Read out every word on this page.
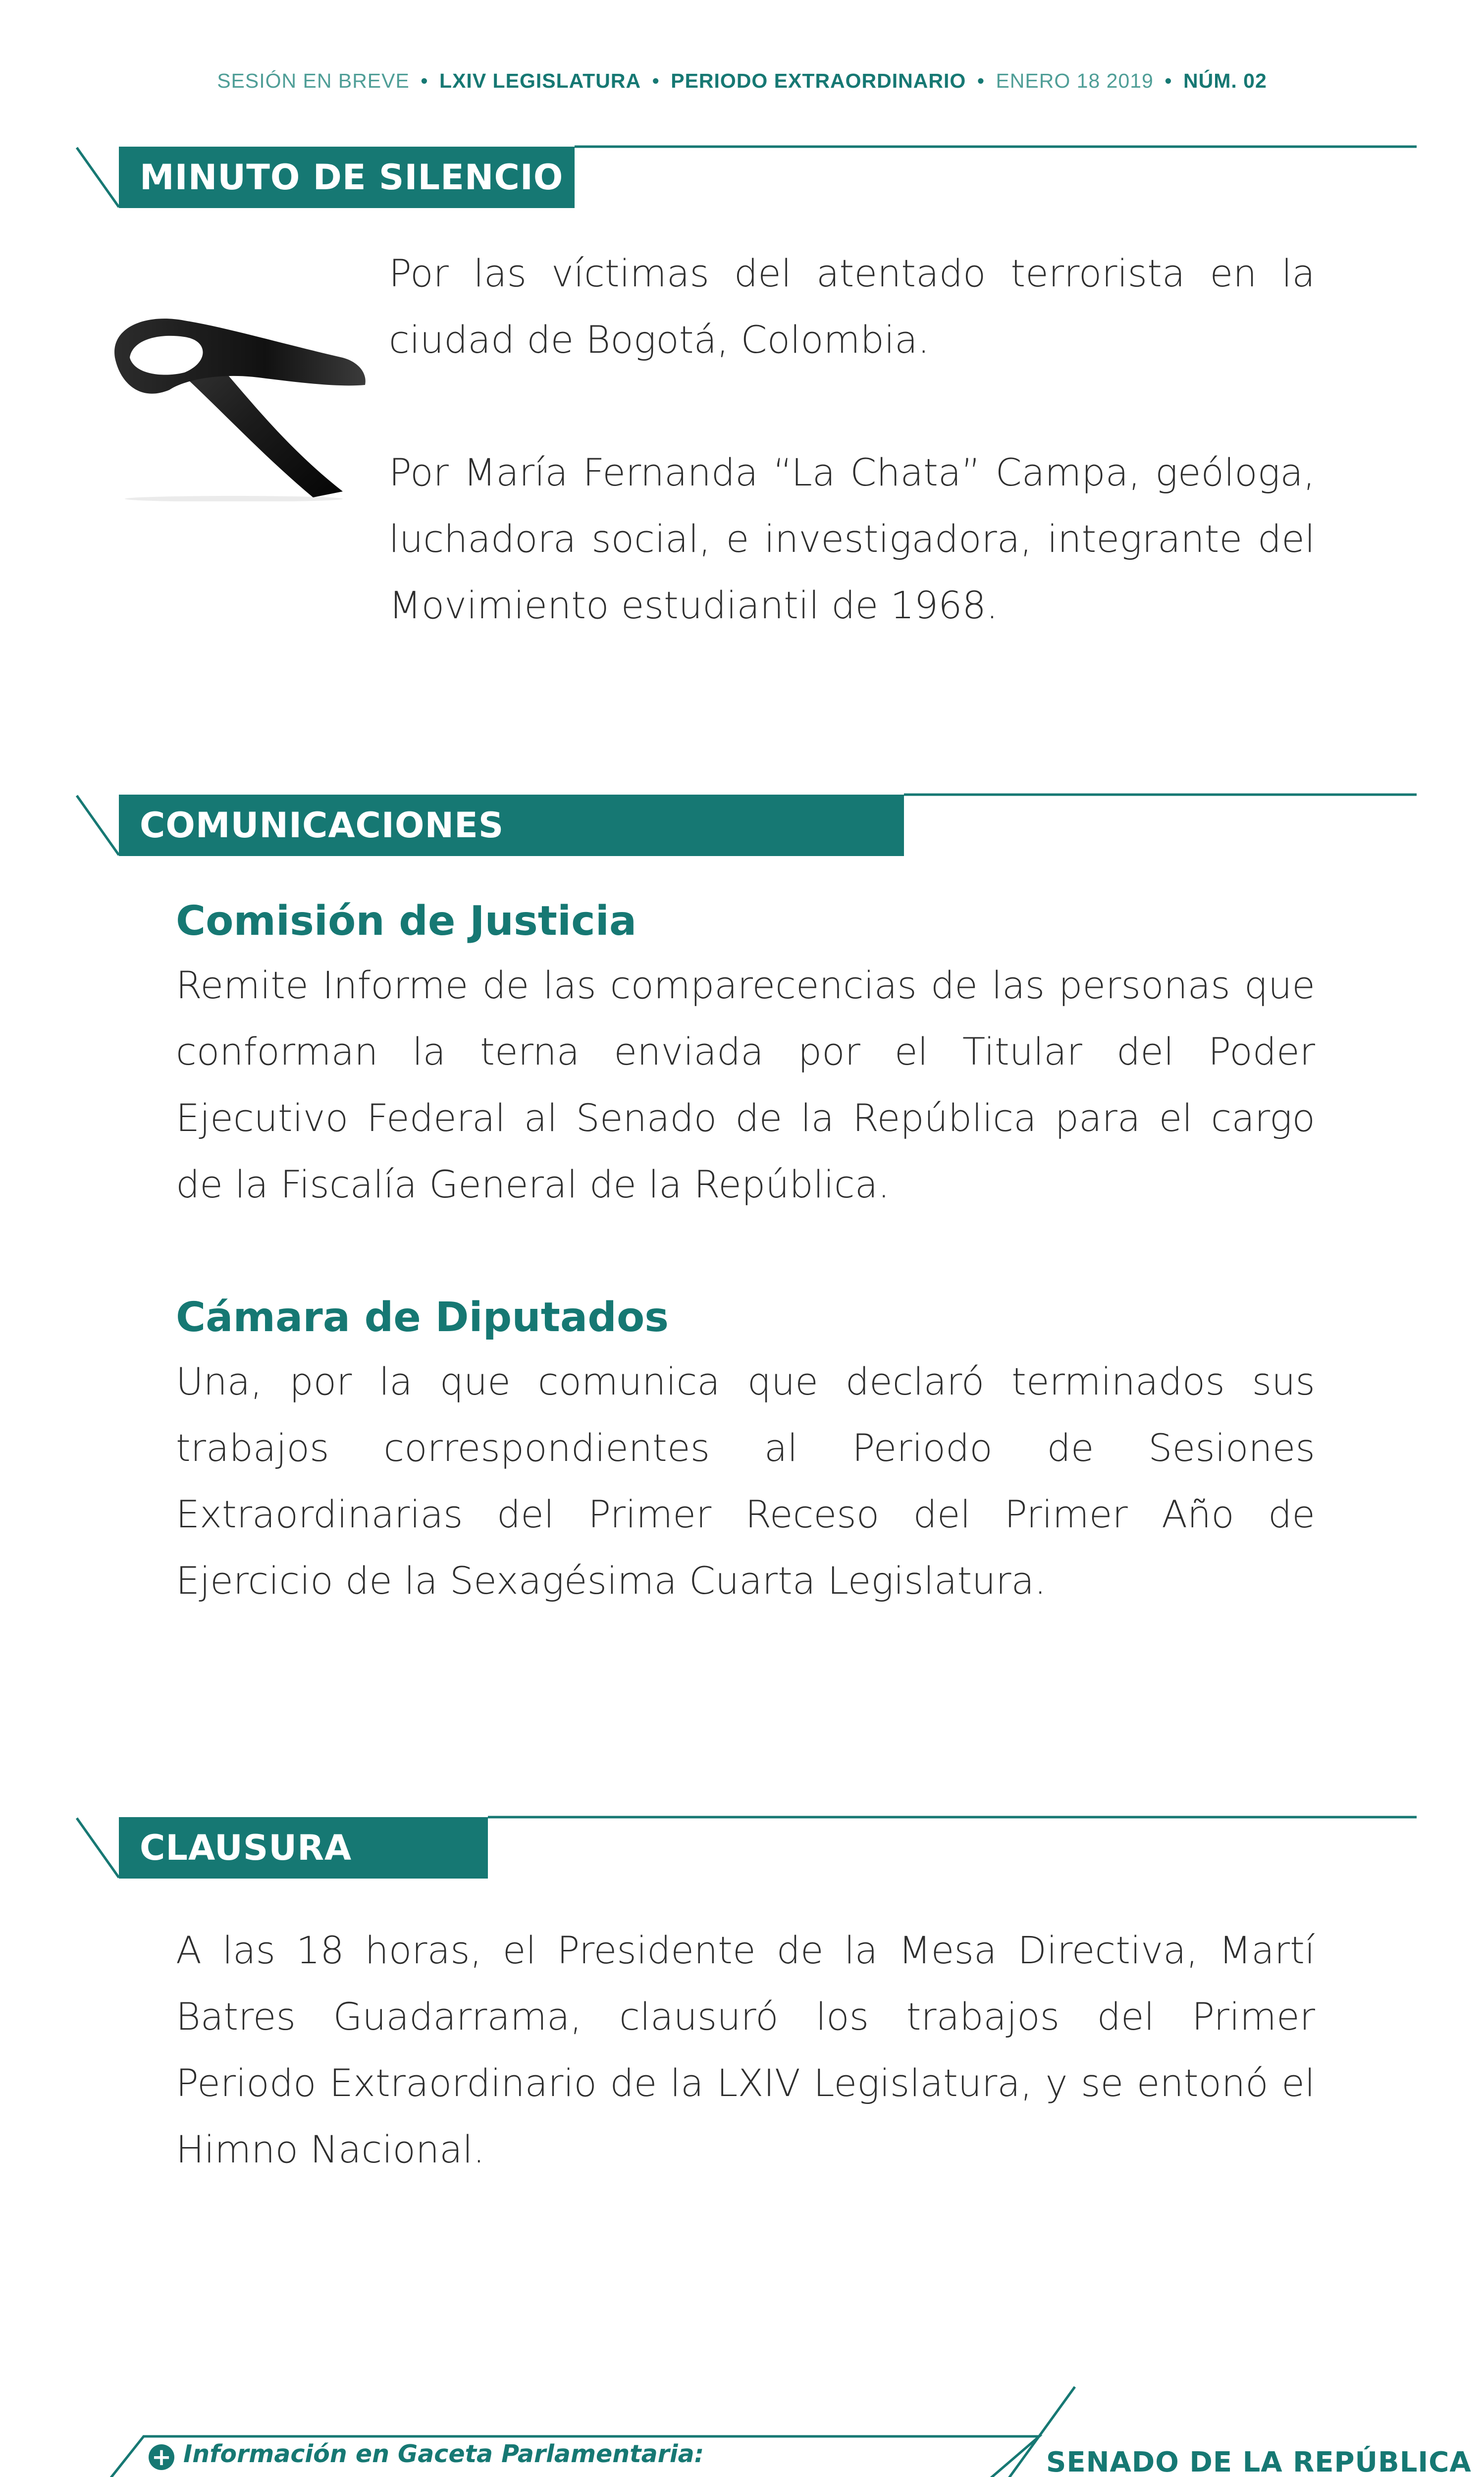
SESIÓN EN BREVE • LXIV LEGISLATURA • PERIODO EXTRAORDINARIO • ENERO 18 2019 • NÚM. 02
MINUTO DE SILENCIO
COMUNICACIONES
CLAUSURA

Por las víctimas del atentado terrorista en la ciudad de Bogotá, Colombia.

Por María Fernanda “La Chata” Campa, geóloga, luchadora social, e investigadora, integrante del Movimiento estudiantil de 1968.

Comisión de Justicia

Remite Informe de las comparecencias de las personas que conforman la terna enviada por el Titular del Poder Ejecutivo Federal al Senado de la República para el cargo de la Fiscalía General de la República.

Cámara de Diputados

Una, por la que comunica que declaró terminados sus trabajos correspondientes al Periodo de Sesiones Extraordinarias del Primer Receso del Primer Año de Ejercicio de la Sexagésima Cuarta Legislatura.

A las 18 horas, el Presidente de la Mesa Directiva, Martí Batres Guadarrama, clausuró los trabajos del Primer Periodo Extraordinario de la LXIV Legislatura, y se entonó el Himno Nacional.

+ Información en Gaceta Parlamentaria:	SENADO DE LA REPÚBLICA
